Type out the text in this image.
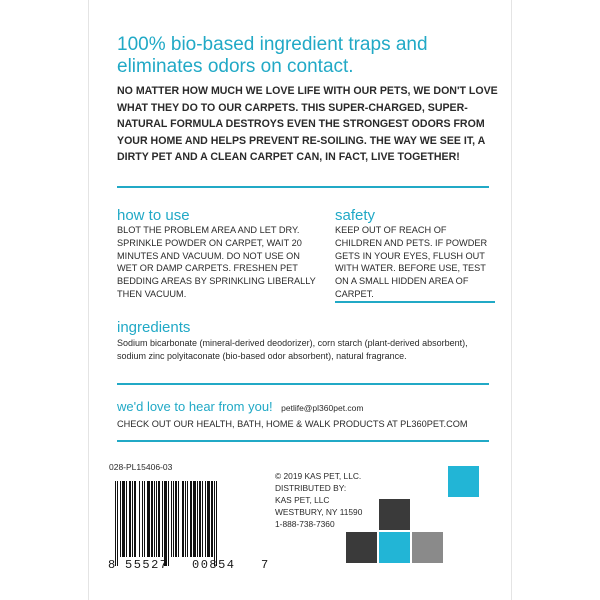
100% bio-based ingredient traps and eliminates odors on contact.

NO MATTER HOW MUCH WE LOVE LIFE WITH OUR PETS, WE DON'T LOVE WHAT THEY DO TO OUR CARPETS. THIS SUPER-CHARGED, SUPER-NATURAL FORMULA DESTROYS EVEN THE STRONGEST ODORS FROM YOUR HOME AND HELPS PREVENT RE-SOILING. THE WAY WE SEE IT, A DIRTY PET AND A CLEAN CARPET CAN, IN FACT, LIVE TOGETHER!

how to use

BLOT THE PROBLEM AREA AND LET DRY. SPRINKLE POWDER ON CARPET, WAIT 20 MINUTES AND VACUUM. DO NOT USE ON WET OR DAMP CARPETS. FRESHEN PET BEDDING AREAS BY SPRINKLING LIBERALLY THEN VACUUM.

safety

KEEP OUT OF REACH OF CHILDREN AND PETS. IF POWDER GETS IN YOUR EYES, FLUSH OUT WITH WATER. BEFORE USE, TEST ON A SMALL HIDDEN AREA OF CARPET.

ingredients

Sodium bicarbonate (mineral-derived deodorizer), corn starch (plant-derived absorbent), sodium zinc polyitaconate (bio-based odor absorbent), natural fragrance.

we'd love to hear from you! petlife@pl360pet.com

CHECK OUT OUR HEALTH, BATH, HOME & WALK PRODUCTS AT PL360PET.COM

028-PL15406-03
8 55527 00854 7
© 2019 KAS PET, LLC.
DISTRIBUTED BY:
KAS PET, LLC
WESTBURY, NY 11590
1-888-738-7360
